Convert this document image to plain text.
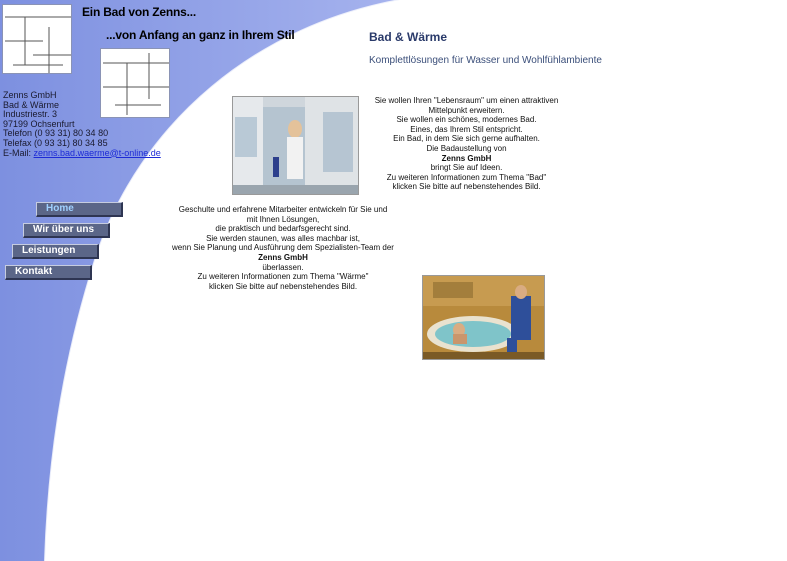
Ein Bad von Zenns...
...von Anfang an ganz in Ihrem Stil
Zenns GmbH
Bad & Wärme
Industriestr. 3
97199 Ochsenfurt
Telefon (0 93 31) 80 34 80
Telefax (0 93 31) 80 34 85
E-Mail: zenns.bad.waerme@t-online.de
Home
Wir über uns
Leistungen
Kontakt
Bad & Wärme
Komplettlösungen für Wasser und Wohlfühlambiente
Sie wollen Ihren "Lebensraum" um einen attraktiven
Mittelpunkt erweitern.
Sie wollen ein schönes, modernes Bad.
Eines, das Ihrem Stil entspricht.
Ein Bad, in dem Sie sich gerne aufhalten.
Die Badaustellung von
Zenns GmbH
bringt Sie auf Ideen.
Zu weiteren Informationen zum Thema "Bad"
klicken Sie bitte auf nebenstehendes Bild.
Geschulte und erfahrene Mitarbeiter entwickeln für Sie und
mit Ihnen Lösungen,
die praktisch und bedarfsgerecht sind.
Sie werden staunen, was alles machbar ist,
wenn Sie Planung und Ausführung dem Spezialisten-Team der
Zenns GmbH
überlassen.
Zu weiteren Informationen zum Thema "Wärme"
klicken Sie bitte auf nebenstehendes Bild.
